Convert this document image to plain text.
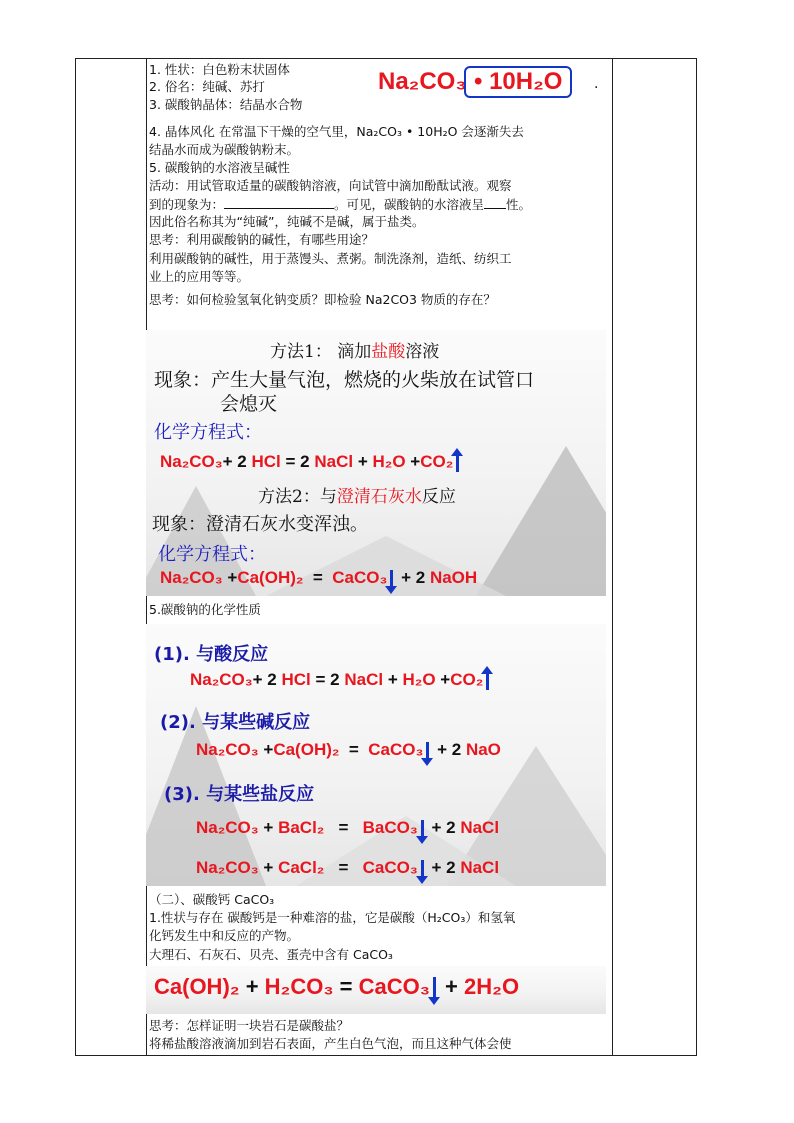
1. 性状：白色粉末状固体
2. 俗名：纯碱、苏打
3. 碳酸钠晶体：结晶水合物
4. 晶体风化 在常温下干燥的空气里，Na₂CO₃ • 10H₂O 会逐渐失去
结晶水而成为碳酸钠粉末。
5. 碳酸钠的水溶液呈碱性
活动：用试管取适量的碳酸钠溶液，向试管中滴加酚酞试液。观察
到的现象为：	。可见，碳酸钠的水溶液呈 性。
因此俗名称其为“纯碱”，纯碱不是碱，属于盐类。
思考：利用碳酸钠的碱性，有哪些用途？
利用碳酸钠的碱性，用于蒸馒头、煮粥。制洗涤剂，造纸、纺织工
业上的应用等等。
思考：如何检验氢氧化钠变质？即检验 Na2CO3 物质的存在？
Na₂CO₃ • 10H₂O	.
方法1： 滴加盐酸溶液
现象：产生大量气泡，燃烧的火柴放在试管口
会熄灭
化学方程式：
Na₂CO₃+ 2 HCl = 2 NaCl + H₂O +CO₂
方法2：与澄清石灰水反应
现象：澄清石灰水变浑浊。
化学方程式：
Na₂CO₃ +Ca(OH)₂ = CaCO₃ + 2 NaOH
5.碳酸钠的化学性质
(1). 与酸反应
Na₂CO₃+ 2 HCl = 2 NaCl + H₂O +CO₂
(2). 与某些碱反应
Na₂CO₃ +Ca(OH)₂ = CaCO₃ + 2 NaO
(3). 与某些盐反应
Na₂CO₃ + BaCl₂ = BaCO₃ + 2 NaCl
Na₂CO₃ + CaCl₂ = CaCO₃ + 2 NaCl
（二）、碳酸钙 CaCO₃
1.性状与存在 碳酸钙是一种难溶的盐，它是碳酸（H₂CO₃）和氢氧
化钙发生中和反应的产物。
大理石、石灰石、贝壳、蛋壳中含有 CaCO₃
Ca(OH)₂ + H₂CO₃ = CaCO₃ + 2H₂O
思考：怎样证明一块岩石是碳酸盐？
将稀盐酸溶液滴加到岩石表面，产生白色气泡，而且这种气体会使
